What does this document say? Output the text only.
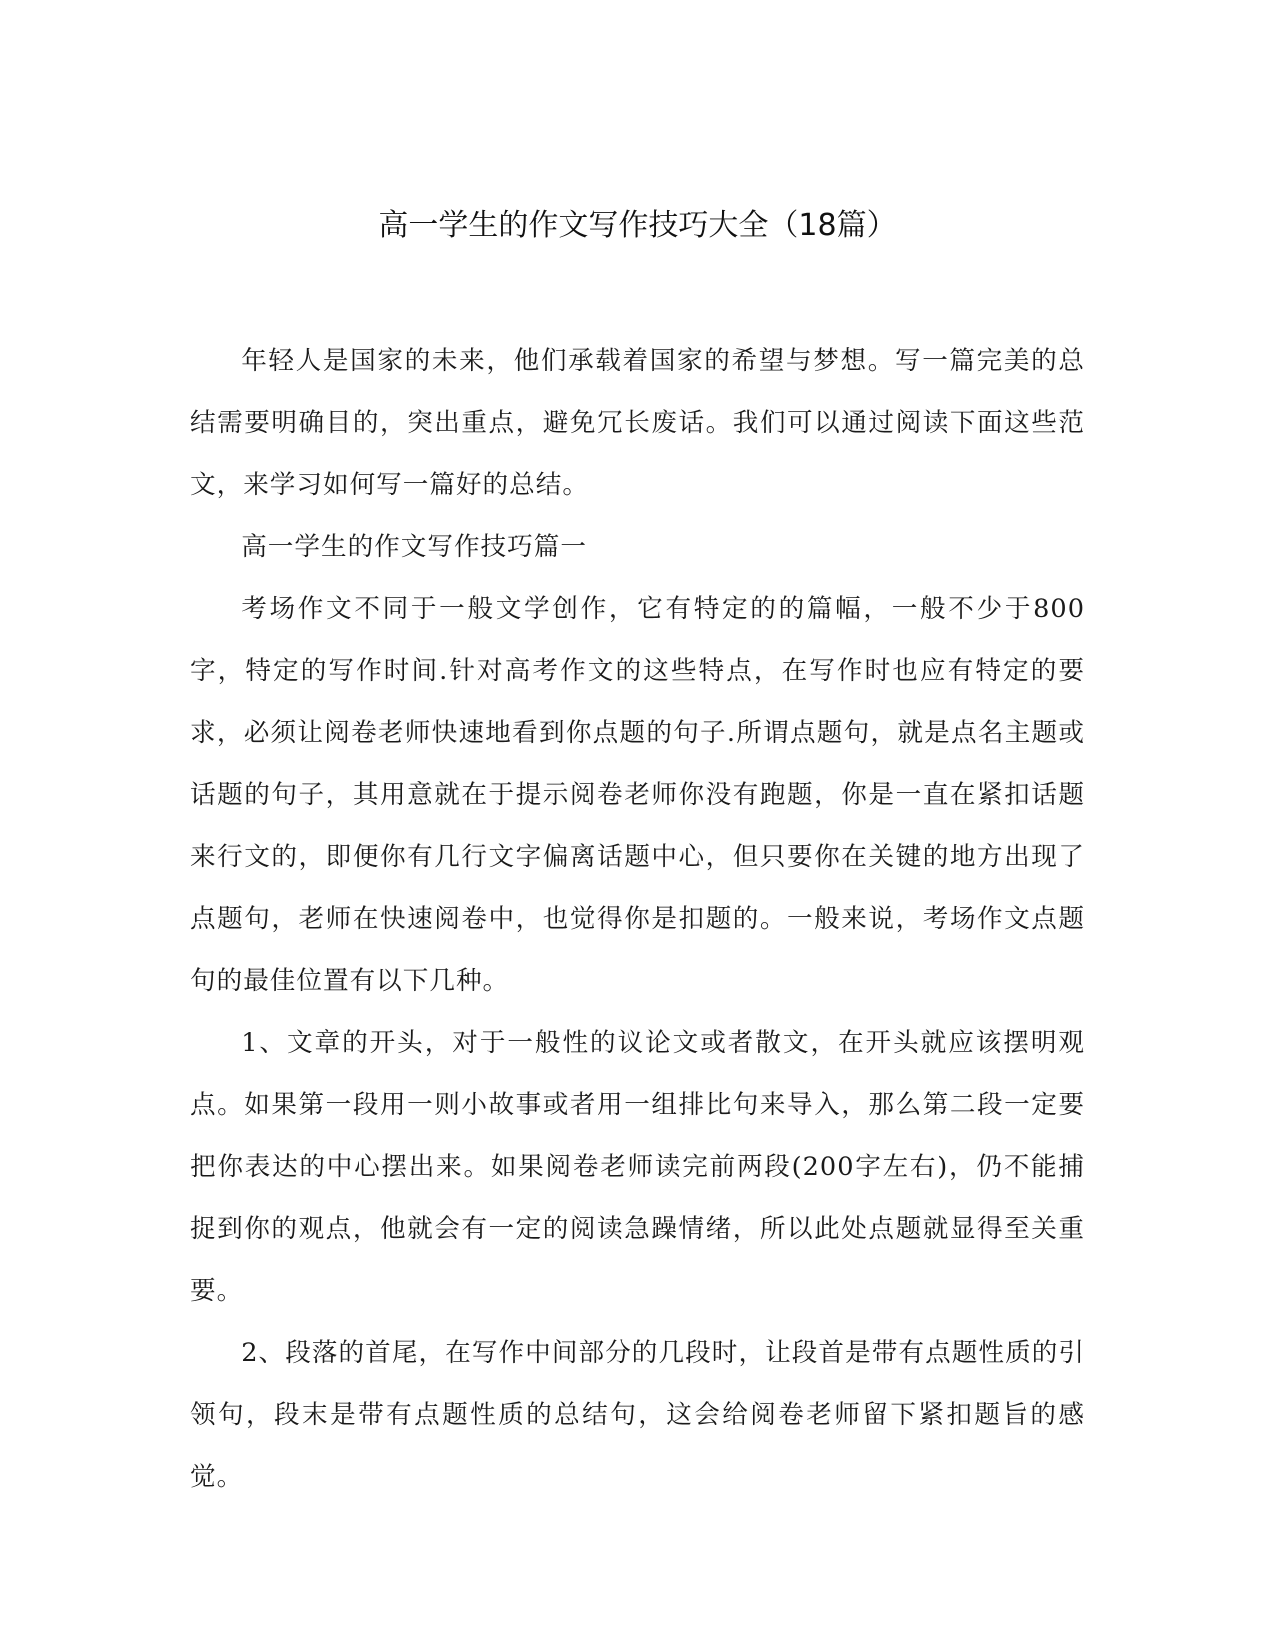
高一学生的作文写作技巧大全（18篇）

年轻人是国家的未来，他们承载着国家的希望与梦想。写一篇完美的总结需要明确目的，突出重点，避免冗长废话。我们可以通过阅读下面这些范文，来学习如何写一篇好的总结。

高一学生的作文写作技巧篇一

考场作文不同于一般文学创作，它有特定的的篇幅，一般不少于800字，特定的写作时间.针对高考作文的这些特点，在写作时也应有特定的要求，必须让阅卷老师快速地看到你点题的句子.所谓点题句，就是点名主题或话题的句子，其用意就在于提示阅卷老师你没有跑题，你是一直在紧扣话题来行文的，即便你有几行文字偏离话题中心，但只要你在关键的地方出现了点题句，老师在快速阅卷中，也觉得你是扣题的。一般来说，考场作文点题句的最佳位置有以下几种。

1、文章的开头，对于一般性的议论文或者散文，在开头就应该摆明观点。如果第一段用一则小故事或者用一组排比句来导入，那么第二段一定要把你表达的中心摆出来。如果阅卷老师读完前两段(200字左右)，仍不能捕捉到你的观点，他就会有一定的阅读急躁情绪，所以此处点题就显得至关重要。

2、段落的首尾，在写作中间部分的几段时，让段首是带有点题性质的引领句，段末是带有点题性质的总结句，这会给阅卷老师留下紧扣题旨的感觉。
